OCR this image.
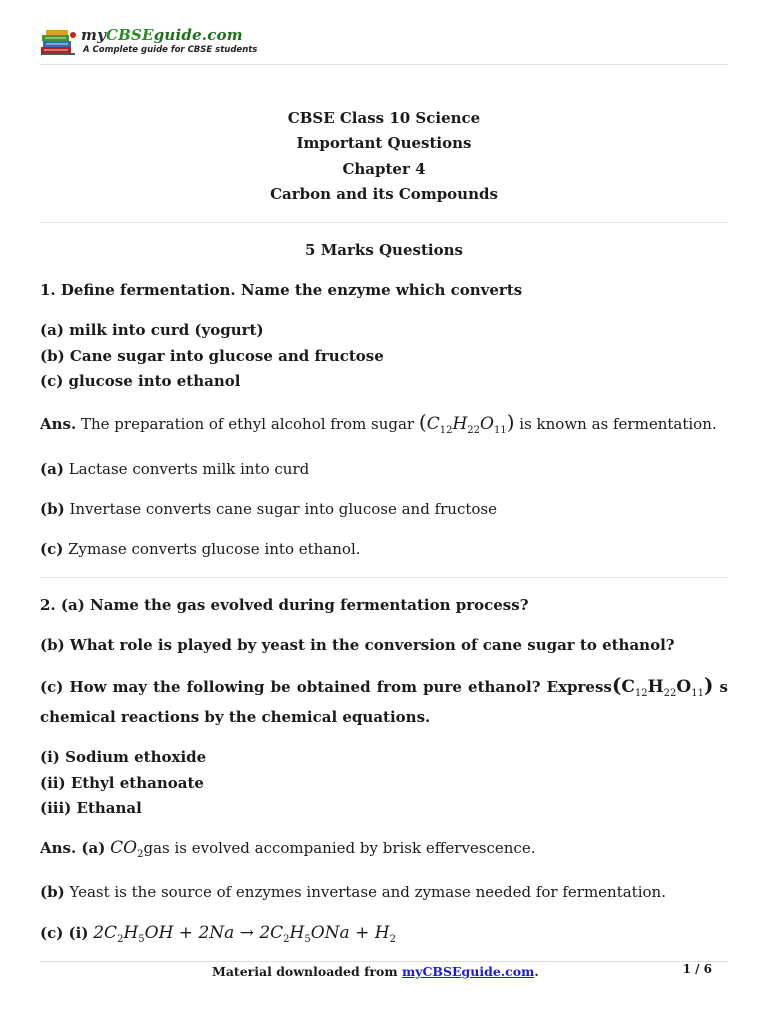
myCBSEguide.com
A Complete guide for CBSE students
CBSE Class 10 Science
Important Questions
Chapter 4
Carbon and its Compounds
5 Marks Questions
1. Define fermentation. Name the enzyme which converts
(a) milk into curd (yogurt)
(b) Cane sugar into glucose and fructose
(c) glucose into ethanol
Ans. The preparation of ethyl alcohol from sugar $(C_{12}H_{22}O_{11})$ is known as fermentation.
(a) Lactase converts milk into curd
(b) Invertase converts cane sugar into glucose and fructose
(c) Zymase converts glucose into ethanol.
2. (a) Name the gas evolved during fermentation process?
(b) What role is played by yeast in the conversion of cane sugar to ethanol?
(c) How may the following be obtained from pure ethanol? $Express(C_{12}H_{22}O_{11})$ s
chemical reactions by the chemical equations.
(i) Sodium ethoxide
(ii) Ethyl ethanoate
(iii) Ethanal
Ans. (a) $CO_2gas$ is evolved accompanied by brisk effervescence.
(b) Yeast is the source of enzymes invertase and zymase needed for fermentation.
(c) (i) $2C_2H_5OH + 2Na \to 2C_2H_5ONa + H_2$
Material downloaded from myCBSEguide.com.	1 / 6
